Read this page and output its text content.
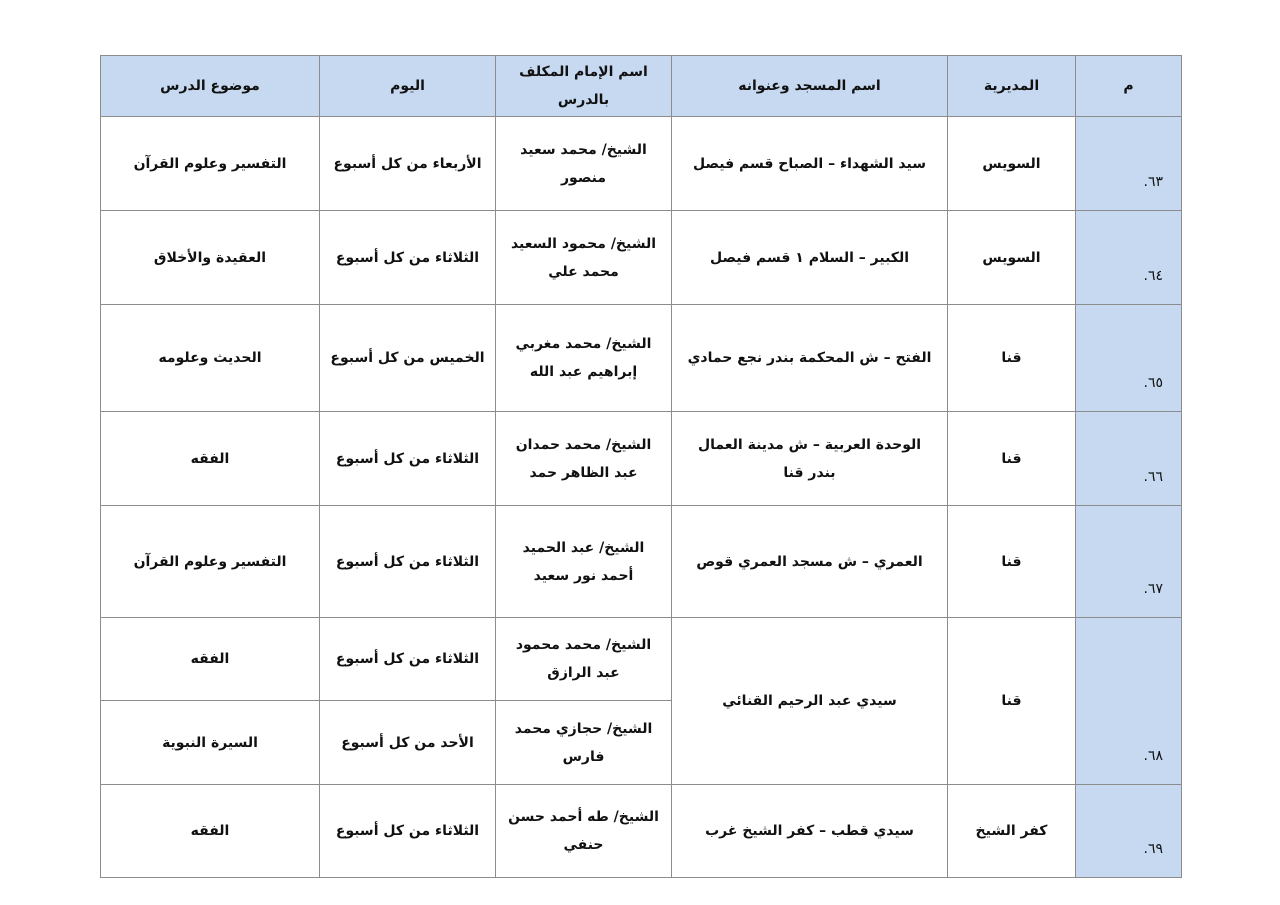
م	المديرية	اسم المسجد وعنوانه	اسم الإمام المكلف بالدرس	اليوم	موضوع الدرس
٦٣.	السويس	سيد الشهداء – الصباح قسم فيصل	الشيخ/ محمد سعيد منصور	الأربعاء من كل أسبوع	التفسير وعلوم القرآن
٦٤.	السويس	الكبير – السلام ١ قسم فيصل	الشيخ/ محمود السعيد محمد علي	الثلاثاء من كل أسبوع	العقيدة والأخلاق
٦٥.	قنا	الفتح – ش المحكمة بندر نجع حمادي	الشيخ/ محمد مغربي إبراهيم عبد الله	الخميس من كل أسبوع	الحديث وعلومه
٦٦.	قنا	الوحدة العربية – ش مدينة العمال بندر قنا	الشيخ/ محمد حمدان عبد الظاهر حمد	الثلاثاء من كل أسبوع	الفقه
٦٧.	قنا	العمري – ش مسجد العمري قوص	الشيخ/ عبد الحميد أحمد نور سعيد	الثلاثاء من كل أسبوع	التفسير وعلوم القرآن
٦٨.	قنا	سيدي عبد الرحيم القنائي	الشيخ/ محمد محمود عبد الرازق	الثلاثاء من كل أسبوع	الفقه
			الشيخ/ حجازي محمد فارس	الأحد من كل أسبوع	السيرة النبوية
٦٩.	كفر الشيخ	سيدي قطب – كفر الشيخ غرب	الشيخ/ طه أحمد حسن حنفي	الثلاثاء من كل أسبوع	الفقه
